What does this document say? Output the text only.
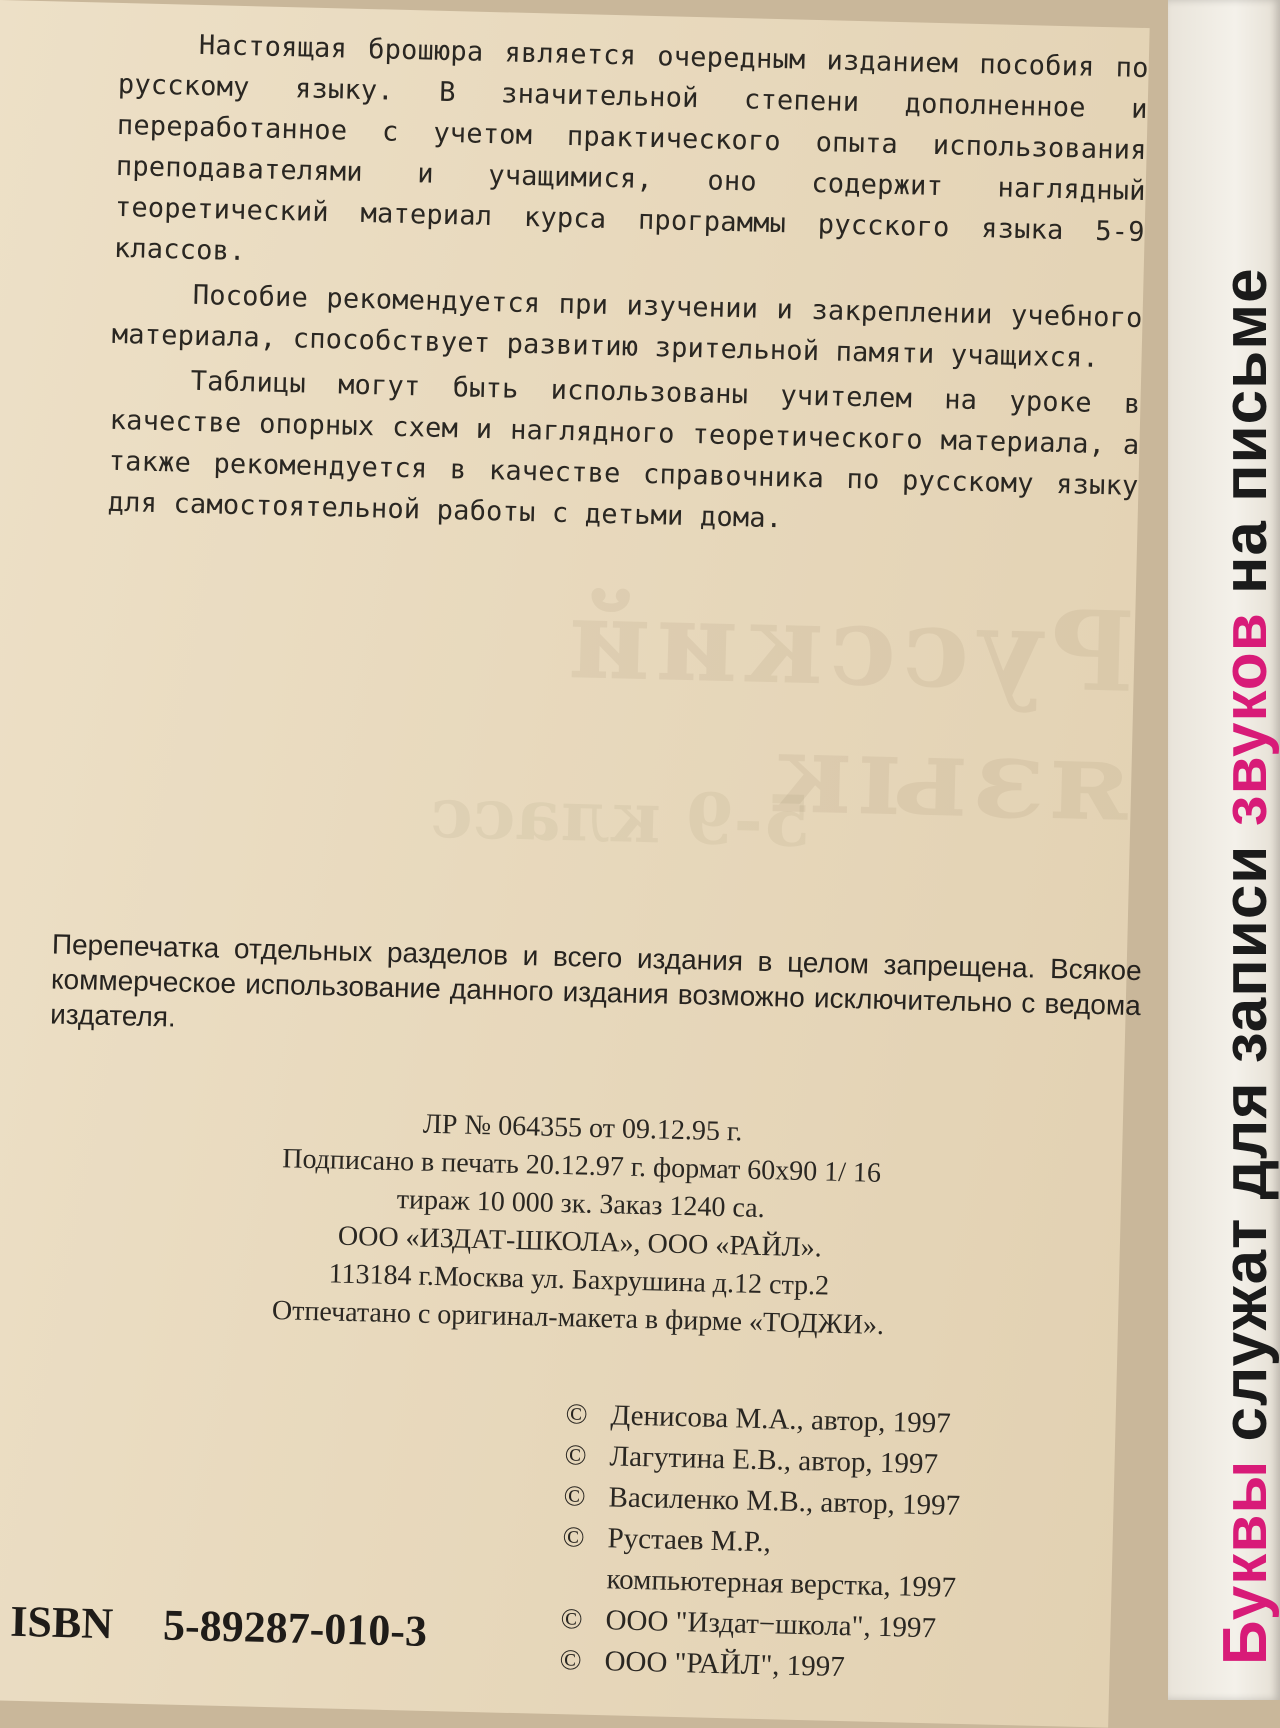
Настоящая брошюра является очередным изданием пособия по русскому языку. В значительной степени дополненное и переработанное с учетом практического опыта использования преподавателями и учащимися, оно содержит наглядный теоретический материал курса программы русского языка 5-9 классов.

Пособие рекомендуется при изучении и закреплении учебного материала, способствует развитию зрительной памяти учащихся.

Таблицы могут быть использованы учителем на уроке в качестве опорных схем и наглядного теоретического материала, а также рекомендуется в качестве справочника по русскому языку для самостоятельной работы с детьми дома.

Русский язык
5-9 класс
Перепечатка отдельных разделов и всего издания в целом запрещена. Всякое коммерческое использование данного издания возможно исключительно с ведома издателя.
ЛР № 064355 от 09.12.95 г.
Подписано в печать 20.12.97 г. формат 60х90 1/ 16
тираж 10 000 зк. Заказ 1240 са.
ООО «ИЗДАТ-ШКОЛА», ООО «РАЙЛ».
113184 г.Москва ул. Бахрушина д.12 стр.2
Отпечатано с оригинал-макета в фирме «ТОДЖИ».
© Денисова М.А., автор, 1997
© Лагутина Е.В., автор, 1997
© Василенко М.В., автор, 1997
© Рустаев М.Р.,
компьютерная верстка, 1997
© ООО "Издат−школа", 1997
© ООО "РАЙЛ", 1997
ISBN 5-89287-010-3	Буквы служат для записи звуков на письме
